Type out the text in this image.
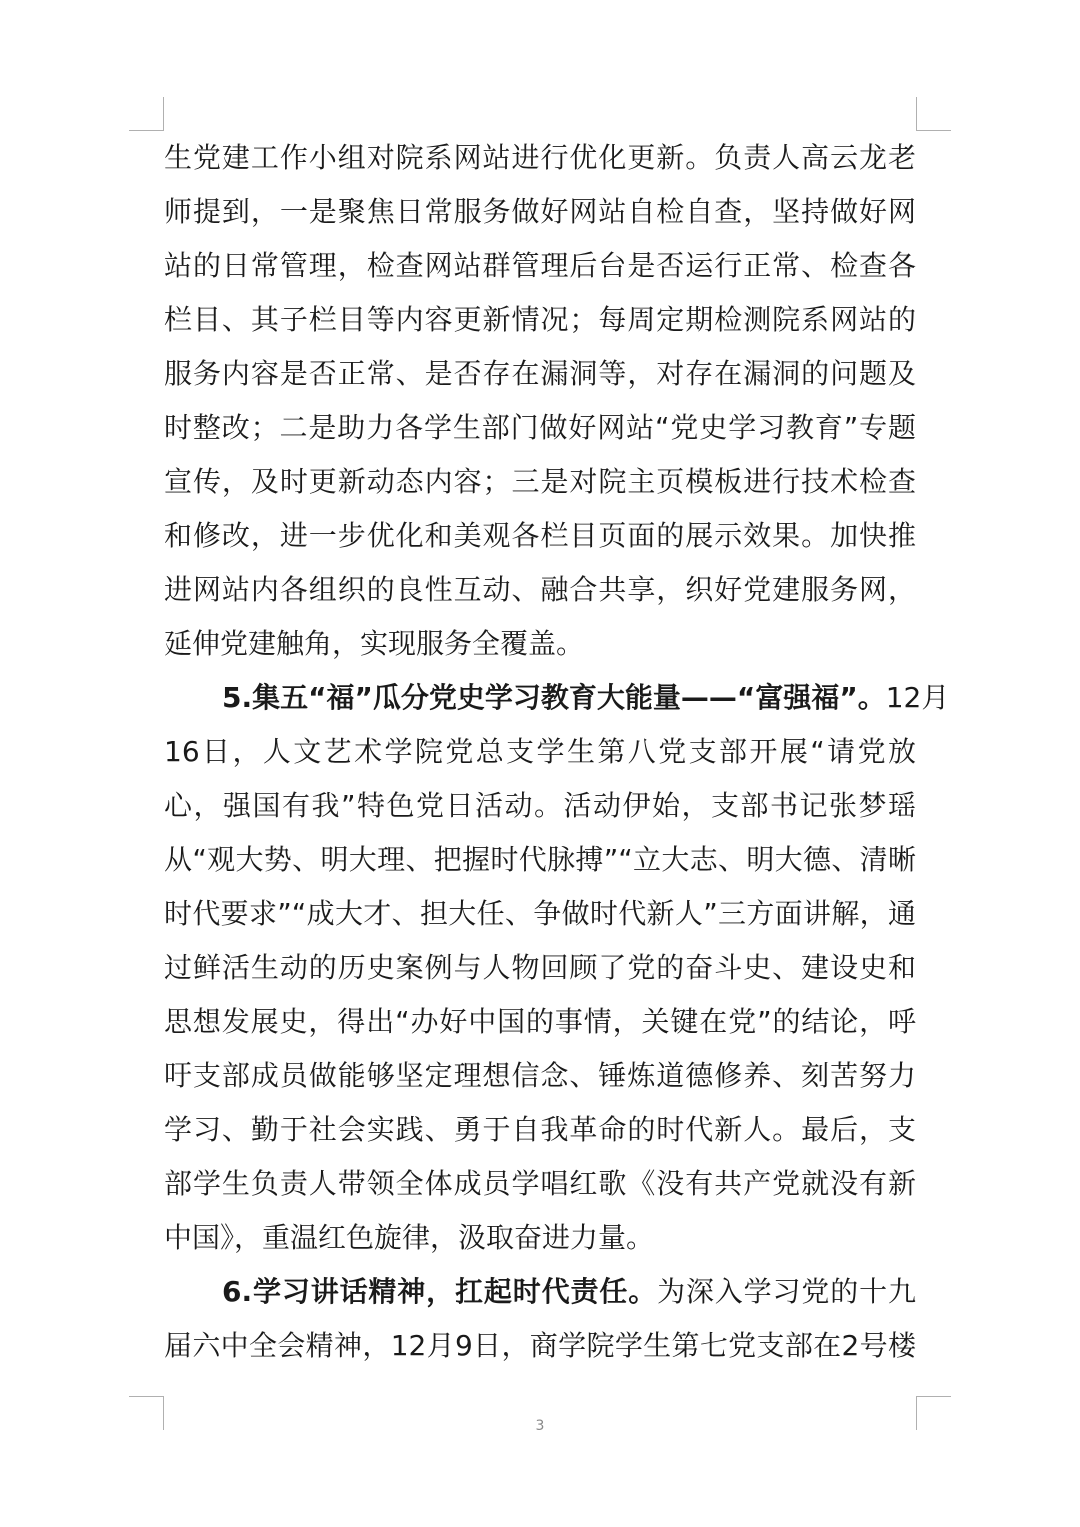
生党建工作小组对院系网站进行优化更新。负责人高云龙老
师提到，一是聚焦日常服务做好网站自检自查，坚持做好网
站的日常管理，检查网站群管理后台是否运行正常、检查各
栏目、其子栏目等内容更新情况；每周定期检测院系网站的
服务内容是否正常、是否存在漏洞等，对存在漏洞的问题及
时整改；二是助力各学生部门做好网站“党史学习教育”专题
宣传，及时更新动态内容；三是对院主页模板进行技术检查
和修改，进一步优化和美观各栏目页面的展示效果。加快推
进网站内各组织的良性互动、融合共享，织好党建服务网，
延伸党建触角，实现服务全覆盖。
5.集五“福”瓜分党史学习教育大能量——“富强福”。12月
16日，人文艺术学院党总支学生第八党支部开展“请党放
心，强国有我”特色党日活动。活动伊始，支部书记张梦瑶
从“观大势、明大理、把握时代脉搏”“立大志、明大德、清晰
时代要求”“成大才、担大任、争做时代新人”三方面讲解，通
过鲜活生动的历史案例与人物回顾了党的奋斗史、建设史和
思想发展史，得出“办好中国的事情，关键在党”的结论，呼
吁支部成员做能够坚定理想信念、锤炼道德修养、刻苦努力
学习、勤于社会实践、勇于自我革命的时代新人。最后，支
部学生负责人带领全体成员学唱红歌《没有共产党就没有新
中国》，重温红色旋律，汲取奋进力量。
6.学习讲话精神，扛起时代责任。为深入学习党的十九
届六中全会精神，12月9日，商学院学生第七党支部在2号楼
3
